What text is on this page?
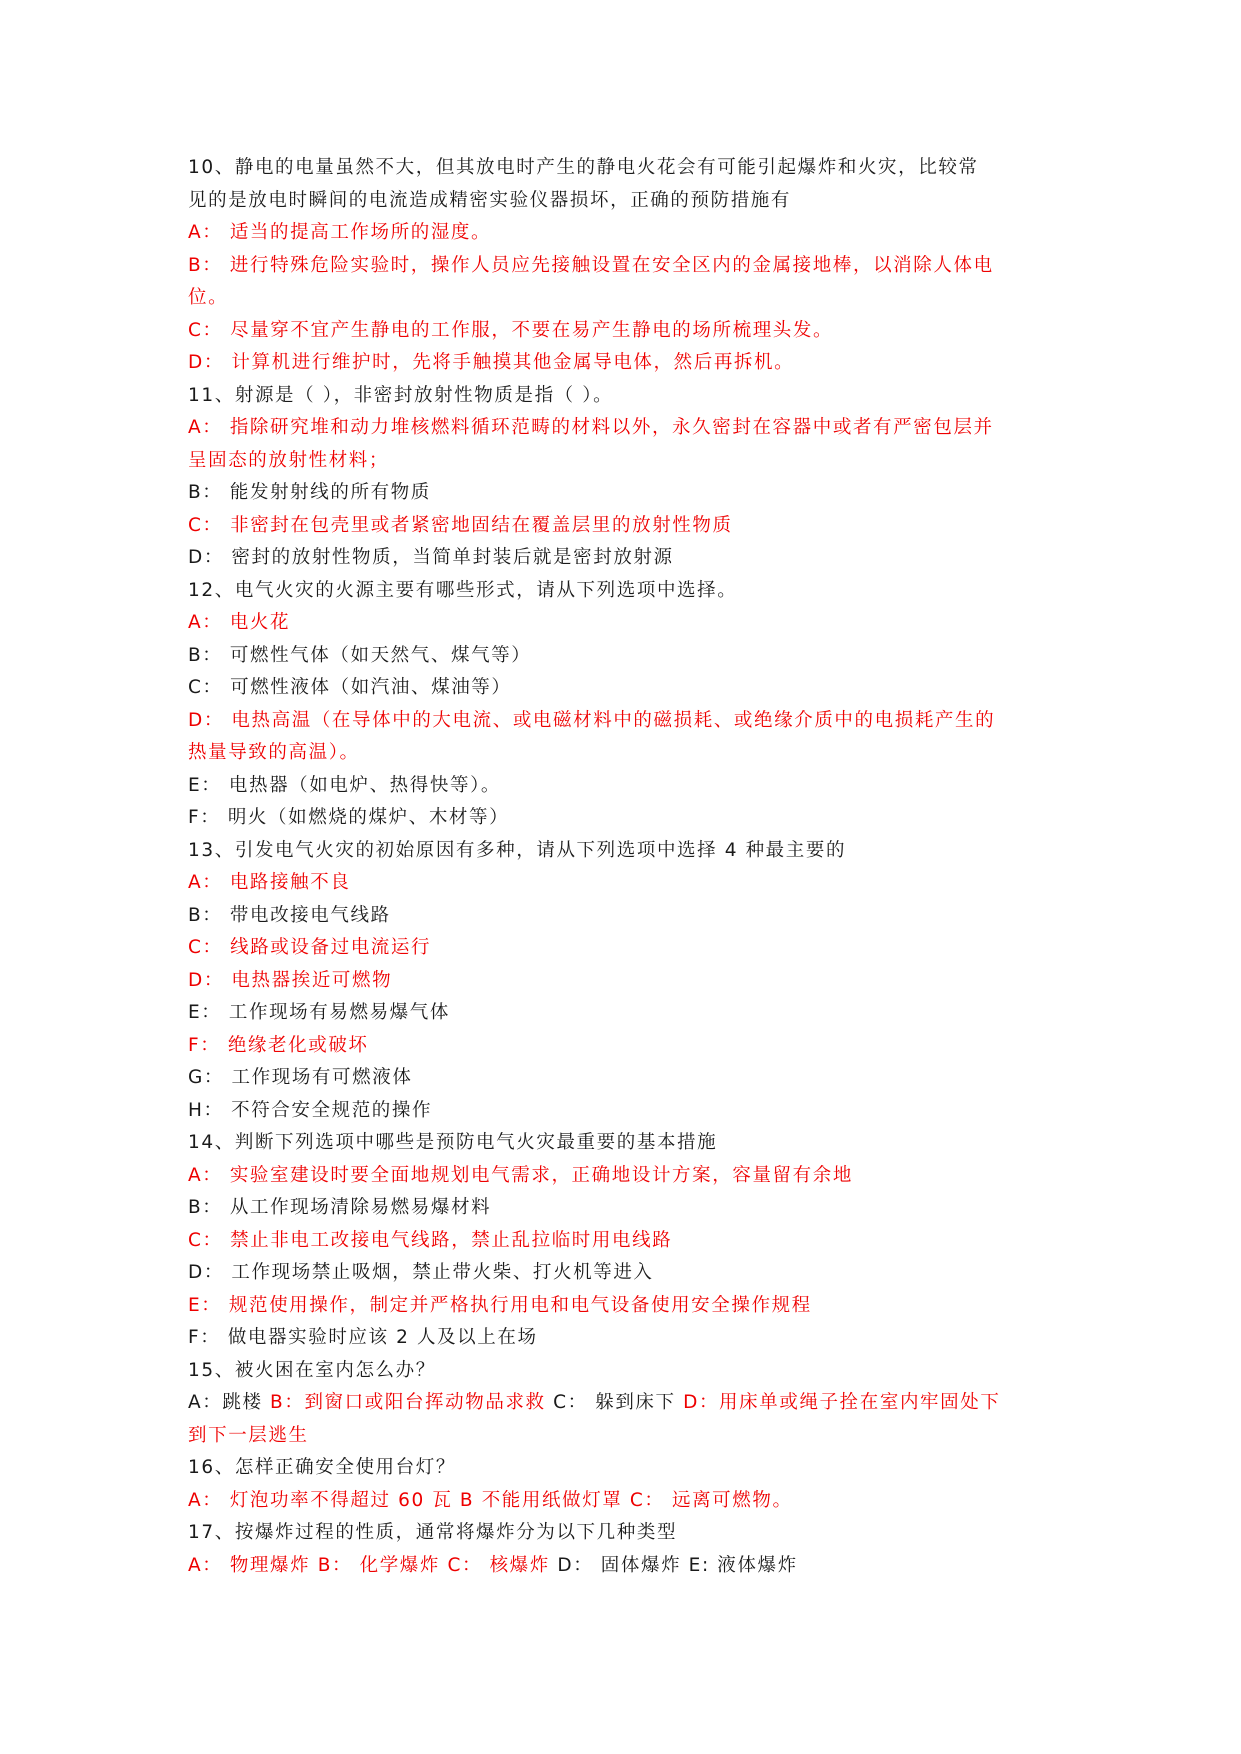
10、静电的电量虽然不大，但其放电时产生的静电火花会有可能引起爆炸和火灾，比较常
见的是放电时瞬间的电流造成精密实验仪器损坏，正确的预防措施有
A： 适当的提高工作场所的湿度。
B： 进行特殊危险实验时，操作人员应先接触设置在安全区内的金属接地棒，以消除人体电
位。
C： 尽量穿不宜产生静电的工作服，不要在易产生静电的场所梳理头发。
D： 计算机进行维护时，先将手触摸其他金属导电体，然后再拆机。
11、射源是（ ），非密封放射性物质是指（ ）。
A： 指除研究堆和动力堆核燃料循环范畴的材料以外，永久密封在容器中或者有严密包层并
呈固态的放射性材料；
B： 能发射射线的所有物质
C： 非密封在包壳里或者紧密地固结在覆盖层里的放射性物质
D： 密封的放射性物质，当简单封装后就是密封放射源
12、电气火灾的火源主要有哪些形式，请从下列选项中选择。
A： 电火花
B： 可燃性气体（如天然气、煤气等）
C： 可燃性液体（如汽油、煤油等）
D： 电热高温（在导体中的大电流、或电磁材料中的磁损耗、或绝缘介质中的电损耗产生的
热量导致的高温）。
E： 电热器（如电炉、热得快等）。
F： 明火（如燃烧的煤炉、木材等）
13、引发电气火灾的初始原因有多种，请从下列选项中选择 4 种最主要的
A： 电路接触不良
B： 带电改接电气线路
C： 线路或设备过电流运行
D： 电热器挨近可燃物
E： 工作现场有易燃易爆气体
F： 绝缘老化或破坏
G： 工作现场有可燃液体
H： 不符合安全规范的操作
14、判断下列选项中哪些是预防电气火灾最重要的基本措施
A： 实验室建设时要全面地规划电气需求，正确地设计方案，容量留有余地
B： 从工作现场清除易燃易爆材料
C： 禁止非电工改接电气线路，禁止乱拉临时用电线路
D： 工作现场禁止吸烟，禁止带火柴、打火机等进入
E： 规范使用操作，制定并严格执行用电和电气设备使用安全操作规程
F： 做电器实验时应该 2 人及以上在场
15、被火困在室内怎么办？
A：跳楼 B：到窗口或阳台挥动物品求救 C： 躲到床下 D：用床单或绳子拴在室内牢固处下
到下一层逃生
16、怎样正确安全使用台灯？
A： 灯泡功率不得超过 60 瓦 B 不能用纸做灯罩 C： 远离可燃物。
17、按爆炸过程的性质，通常将爆炸分为以下几种类型
A： 物理爆炸 B： 化学爆炸 C： 核爆炸 D： 固体爆炸 E: 液体爆炸
